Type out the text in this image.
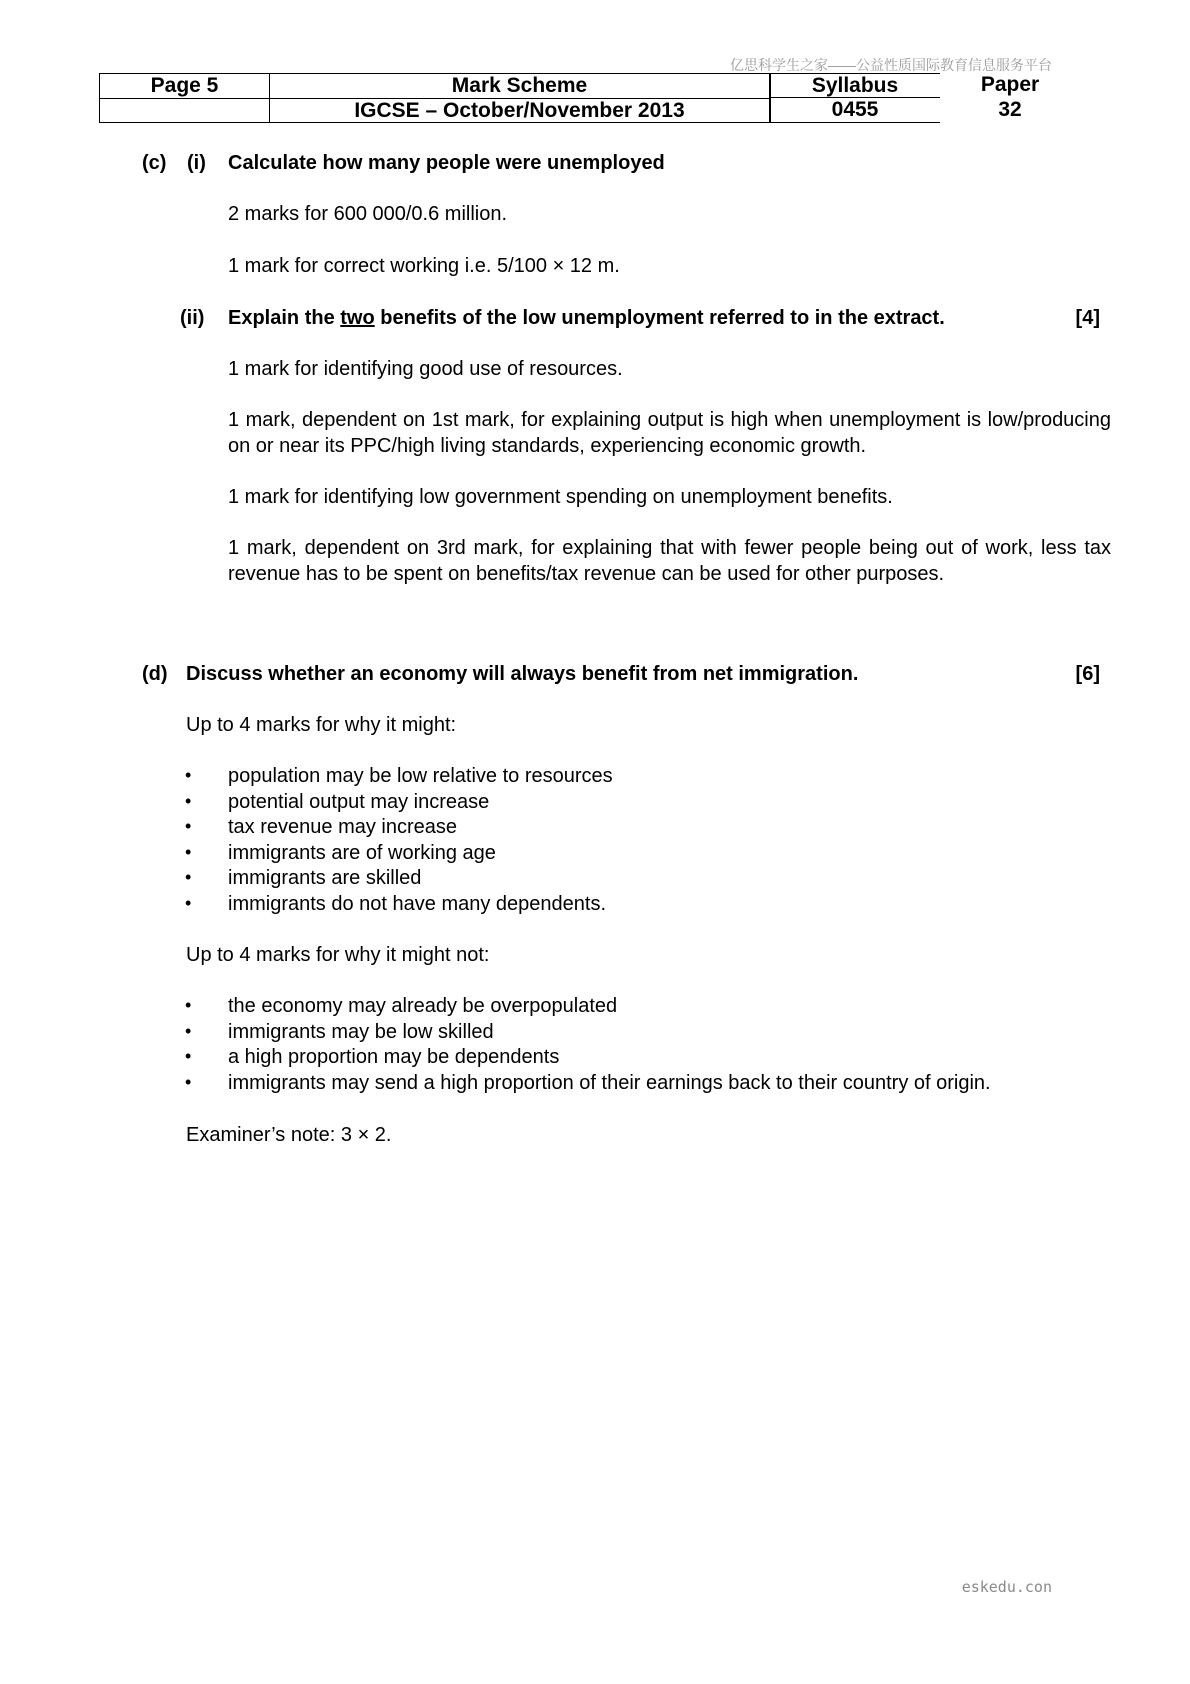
亿思科学生之家——公益性质国际教育信息服务平台
Page 5	Mark Scheme	Syllabus	Paper
IGCSE – October/November 2013	0455	32
(c) (i) Calculate how many people were unemployed
2 marks for 600 000/0.6 million.
1 mark for correct working i.e. 5/100 × 12 m.
(ii) Explain the two benefits of the low unemployment referred to in the extract.	[4]
1 mark for identifying good use of resources.
1 mark, dependent on 1st mark, for explaining output is high when unemployment is low/producing on or near its PPC/high living standards, experiencing economic growth.
1 mark for identifying low government spending on unemployment benefits.
1 mark, dependent on 3rd mark, for explaining that with fewer people being out of work, less tax revenue has to be spent on benefits/tax revenue can be used for other purposes.
(d) Discuss whether an economy will always benefit from net immigration.	[6]
Up to 4 marks for why it might:
• population may be low relative to resources
• potential output may increase
• tax revenue may increase
• immigrants are of working age
• immigrants are skilled
• immigrants do not have many dependents.
Up to 4 marks for why it might not:
• the economy may already be overpopulated
• immigrants may be low skilled
• a high proportion may be dependents
• immigrants may send a high proportion of their earnings back to their country of origin.
Examiner’s note: 3 × 2.
eskedu.con
